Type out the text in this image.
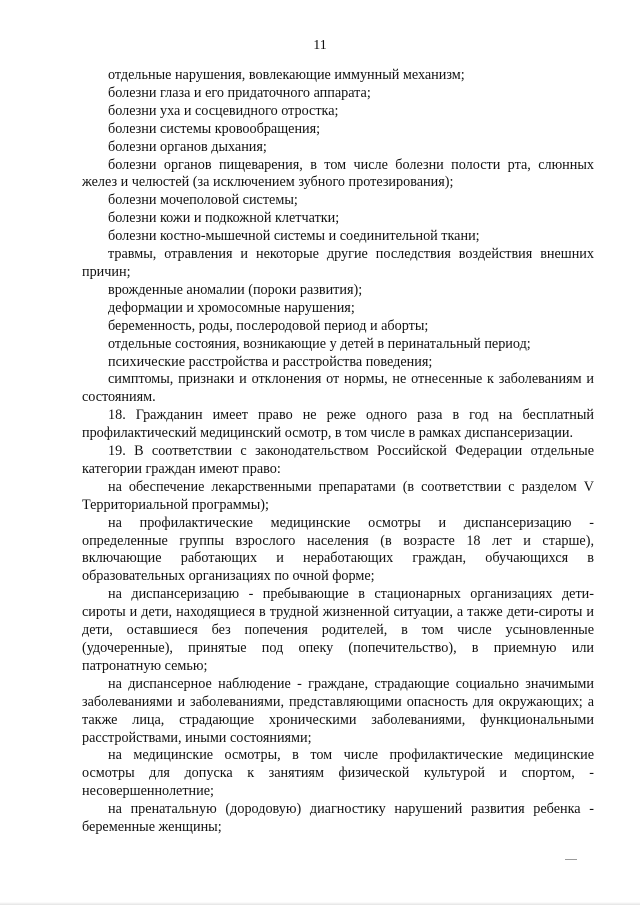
11

отдельные нарушения, вовлекающие иммунный механизм;

болезни глаза и его придаточного аппарата;

болезни уха и сосцевидного отростка;

болезни системы кровообращения;

болезни органов дыхания;

болезни органов пищеварения, в том числе болезни полости рта, слюнных желез и челюстей (за исключением зубного протезирования);

болезни мочеполовой системы;

болезни кожи и подкожной клетчатки;

болезни костно-мышечной системы и соединительной ткани;

травмы, отравления и некоторые другие последствия воздействия внешних причин;

врожденные аномалии (пороки развития);

деформации и хромосомные нарушения;

беременность, роды, послеродовой период и аборты;

отдельные состояния, возникающие у детей в перинатальный период;

психические расстройства и расстройства поведения;

симптомы, признаки и отклонения от нормы, не отнесенные к заболеваниям и состояниям.

18. Гражданин имеет право не реже одного раза в год на бесплатный профилактический медицинский осмотр, в том числе в рамках диспансеризации.

19. В соответствии с законодательством Российской Федерации отдельные категории граждан имеют право:

на обеспечение лекарственными препаратами (в соответствии с разделом V Территориальной программы);

на профилактические медицинские осмотры и диспансеризацию - определенные группы взрослого населения (в возрасте 18 лет и старше), включающие работающих и неработающих граждан, обучающихся в образовательных организациях по очной форме;

на диспансеризацию - пребывающие в стационарных организациях дети-сироты и дети, находящиеся в трудной жизненной ситуации, а также дети-сироты и дети, оставшиеся без попечения родителей, в том числе усыновленные (удочеренные), принятые под опеку (попечительство), в приемную или патронатную семью;

на диспансерное наблюдение - граждане, страдающие социально значимыми заболеваниями и заболеваниями, представляющими опасность для окружающих; а также лица, страдающие хроническими заболеваниями, функциональными расстройствами, иными состояниями;

на медицинские осмотры, в том числе профилактические медицинские осмотры для допуска к занятиям физической культурой и спортом, - несовершеннолетние;

на пренатальную (дородовую) диагностику нарушений развития ребенка - беременные женщины;
